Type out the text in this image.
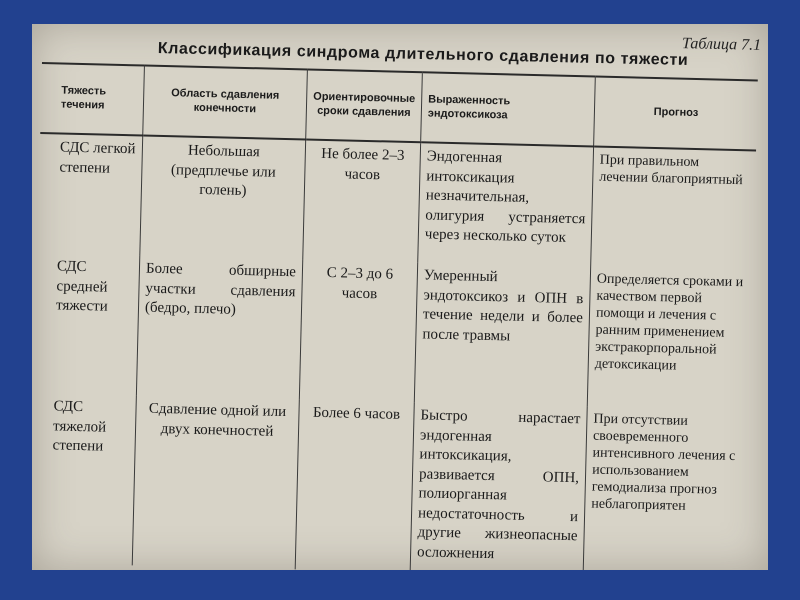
Классификация синдрома длительного сдавления по тяжести
Таблица 7.1
Тяжесть течения	Область сдавления конечности	Ориентировочные сроки сдавления	Выраженность эндотоксикоза	Прогноз
СДС легкой степени	Небольшая (предплечье или голень)	Не более 2–3 часов	Эндогенная интоксикация незначительная, олигурия устраняется через несколько суток	При правильном лечении благоприятный
СДС средней тяжести	Более обширные участки сдавления (бедро, плечо)	С 2–3 до 6 часов	Умеренный эндотоксикоз и ОПН в течение недели и более после травмы	Определяется сроками и качеством первой помощи и лечения с ранним применением экстракорпоральной детоксикации
СДС тяжелой степени	Сдавление одной или двух конечностей	Более 6 часов	Быстро нарастает эндогенная интоксикация, развивается ОПН, полиорганная недостаточность и другие жизнеопасные осложнения	При отсутствии своевременного интенсивного лечения с использованием гемодиализа прогноз неблагоприятен
